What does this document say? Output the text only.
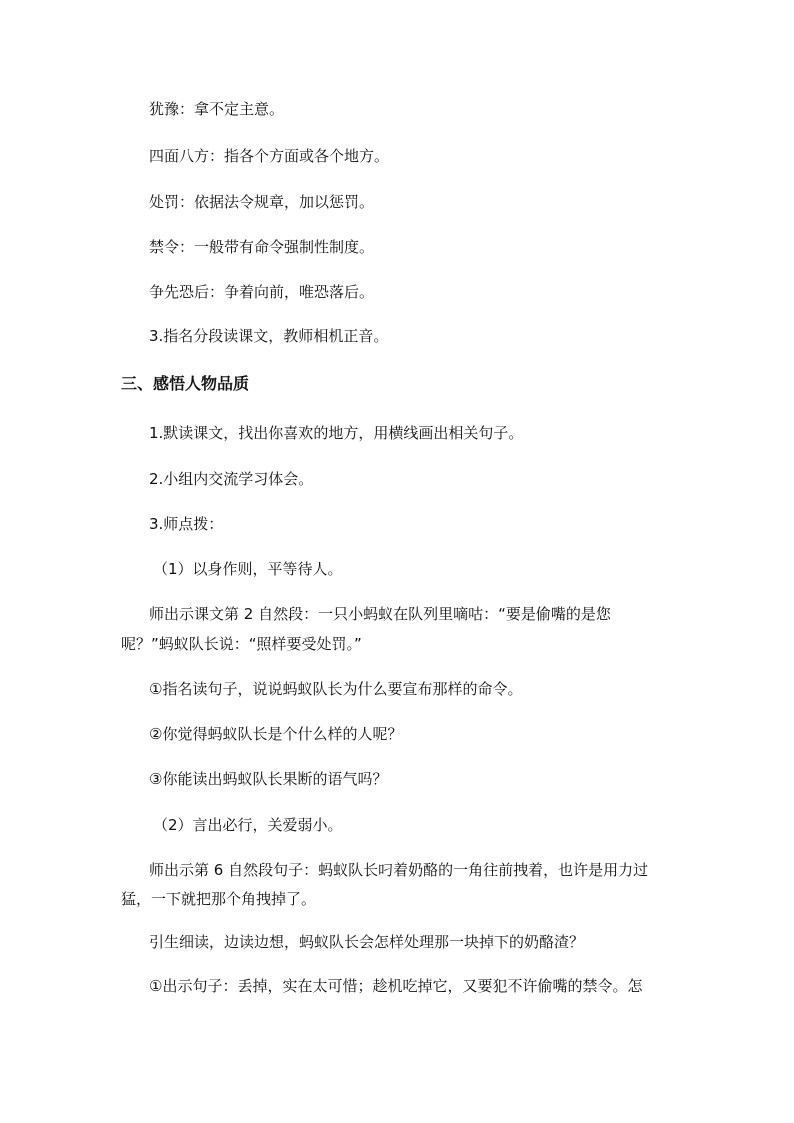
犹豫：拿不定主意。
四面八方：指各个方面或各个地方。
处罚：依据法令规章，加以惩罚。
禁令：一般带有命令强制性制度。
争先恐后：争着向前，唯恐落后。
3.指名分段读课文，教师相机正音。
三、感悟人物品质
1.默读课文，找出你喜欢的地方，用横线画出相关句子。
2.小组内交流学习体会。
3.师点拨：
（1）以身作则，平等待人。
师出示课文第 2 自然段：一只小蚂蚁在队列里嘀咕：“要是偷嘴的是您
呢？”蚂蚁队长说：“照样要受处罚。”
①指名读句子，说说蚂蚁队长为什么要宣布那样的命令。
②你觉得蚂蚁队长是个什么样的人呢？
③你能读出蚂蚁队长果断的语气吗？
（2）言出必行，关爱弱小。
师出示第 6 自然段句子：蚂蚁队长叼着奶酪的一角往前拽着，也许是用力过
猛，一下就把那个角拽掉了。
引生细读，边读边想，蚂蚁队长会怎样处理那一块掉下的奶酪渣？
①出示句子：丢掉，实在太可惜；趁机吃掉它，又要犯不许偷嘴的禁令。怎
